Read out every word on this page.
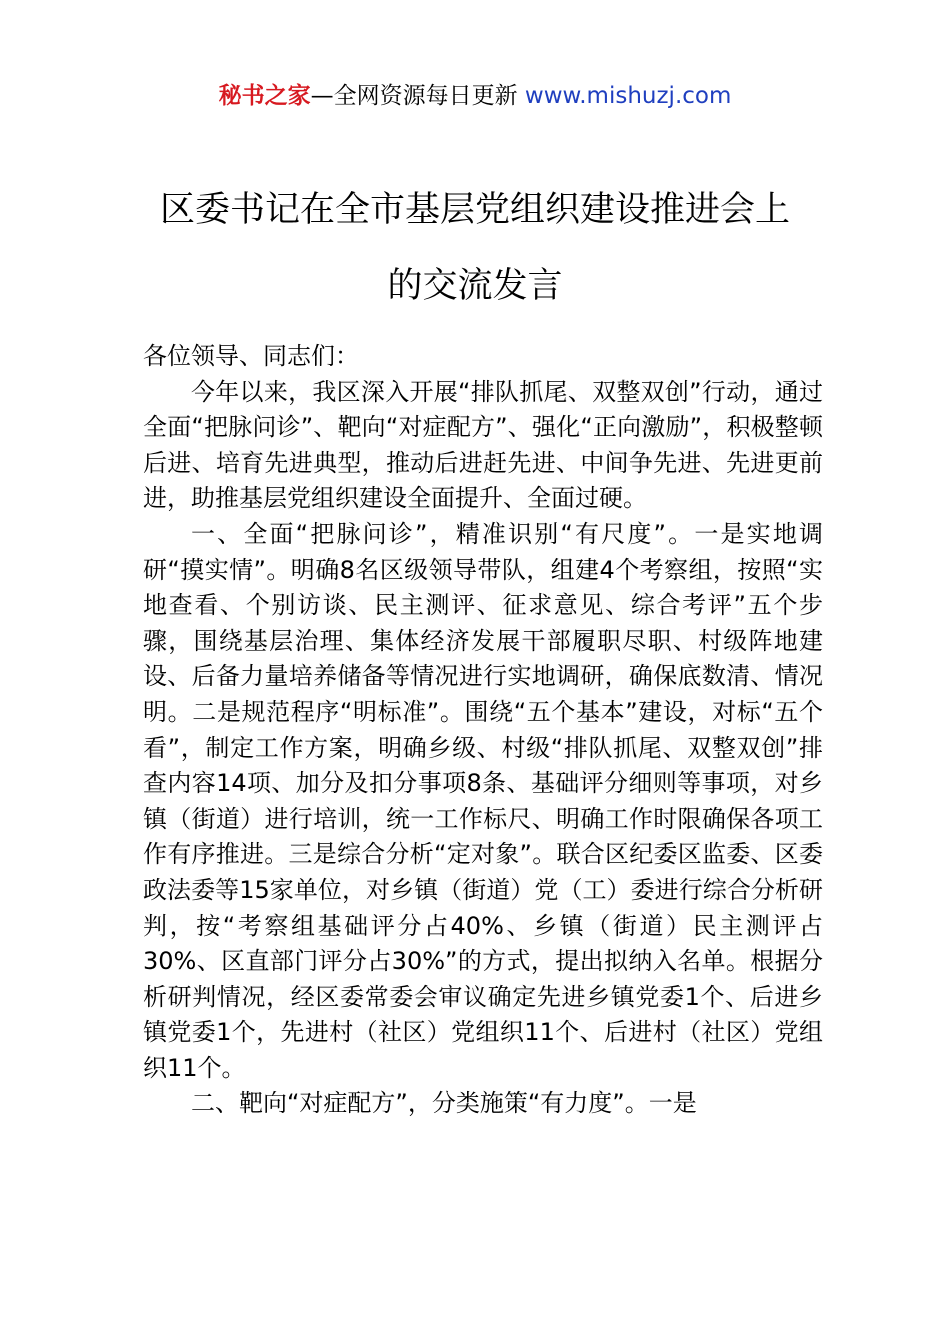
秘书之家—全网资源每日更新 www.mishuzj.com
区委书记在全市基层党组织建设推进会上
的交流发言

各位领导、同志们：

今年以来，我区深入开展“排队抓尾、双整双创”行动，通过全面“把脉问诊”、靶向“对症配方”、强化“正向激励”，积极整顿后进、培育先进典型，推动后进赶先进、中间争先进、先进更前进，助推基层党组织建设全面提升、全面过硬。

一、全面“把脉问诊”，精准识别“有尺度”。一是实地调研“摸实情”。明确8名区级领导带队，组建4个考察组，按照“实地查看、个别访谈、民主测评、征求意见、综合考评”五个步骤，围绕基层治理、集体经济发展干部履职尽职、村级阵地建设、后备力量培养储备等情况进行实地调研，确保底数清、情况明。二是规范程序“明标准”。围绕“五个基本”建设，对标“五个看”，制定工作方案，明确乡级、村级“排队抓尾、双整双创”排查内容14项、加分及扣分事项8条、基础评分细则等事项，对乡镇（街道）进行培训，统一工作标尺、明确工作时限确保各项工作有序推进。三是综合分析“定对象”。联合区纪委区监委、区委政法委等15家单位，对乡镇（街道）党（工）委进行综合分析研判，按“考察组基础评分占40%、乡镇（街道）民主测评占30%、区直部门评分占30%”的方式，提出拟纳入名单。根据分析研判情况，经区委常委会审议确定先进乡镇党委1个、后进乡镇党委1个，先进村（社区）党组织11个、后进村（社区）党组织11个。

二、靶向“对症配方”，分类施策“有力度”。一是
